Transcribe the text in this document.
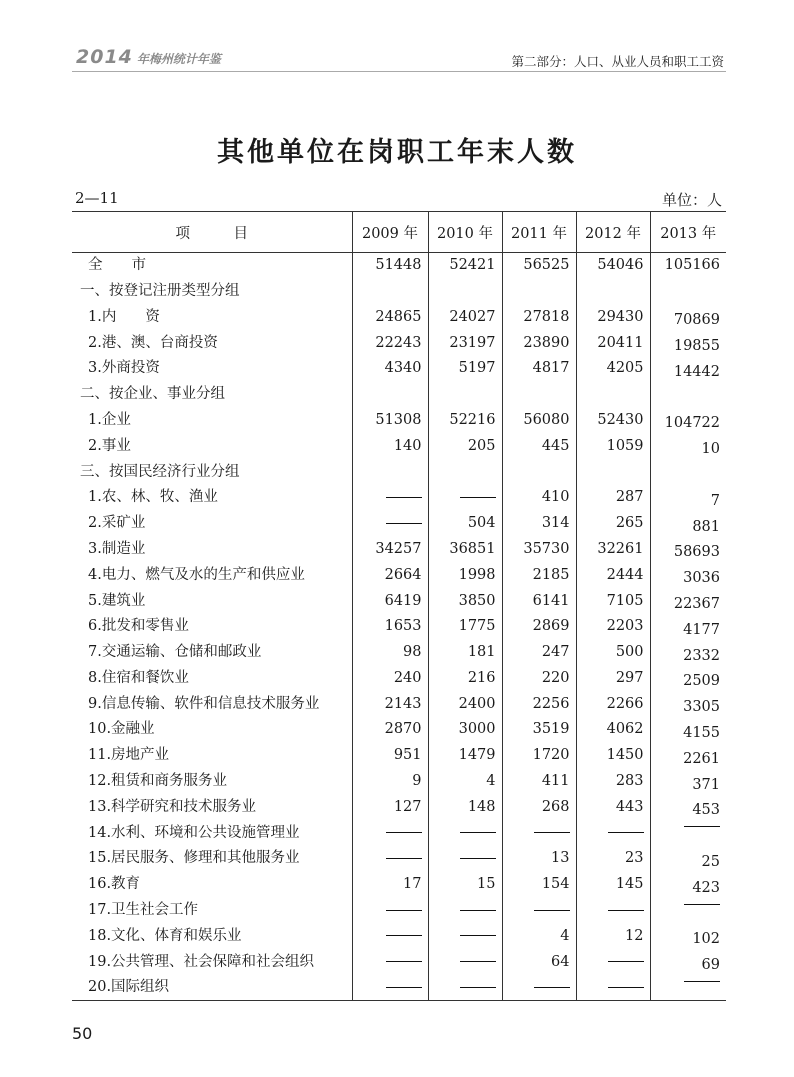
2014 年梅州统计年鉴	第二部分：人口、从业人员和职工工资
其他单位在岗职工年末人数
2—11	单位：人
项　　　目	2009 年	2010 年	2011 年	2012 年	2013 年
全　　市	51448	52421	56525	54046	105166
一、按登记注册类型分组					
1.内　　资	24865	24027	27818	29430	70869
2.港、澳、台商投资	22243	23197	23890	20411	19855
3.外商投资	4340	5197	4817	4205	14442
二、按企业、事业分组					
1.企业	51308	52216	56080	52430	104722
2.事业	140	205	445	1059	10
三、按国民经济行业分组					
1.农、林、牧、渔业			410	287	7
2.采矿业		504	314	265	881
3.制造业	34257	36851	35730	32261	58693
4.电力、燃气及水的生产和供应业	2664	1998	2185	2444	3036
5.建筑业	6419	3850	6141	7105	22367
6.批发和零售业	1653	1775	2869	2203	4177
7.交通运输、仓储和邮政业	98	181	247	500	2332
8.住宿和餐饮业	240	216	220	297	2509
9.信息传输、软件和信息技术服务业	2143	2400	2256	2266	3305
10.金融业	2870	3000	3519	4062	4155
11.房地产业	951	1479	1720	1450	2261
12.租赁和商务服务业	9	4	411	283	371
13.科学研究和技术服务业	127	148	268	443	453
14.水利、环境和公共设施管理业					
15.居民服务、修理和其他服务业			13	23	25
16.教育	17	15	154	145	423
17.卫生社会工作					
18.文化、体育和娱乐业			4	12	102
19.公共管理、社会保障和社会组织			64		69
20.国际组织					
50
